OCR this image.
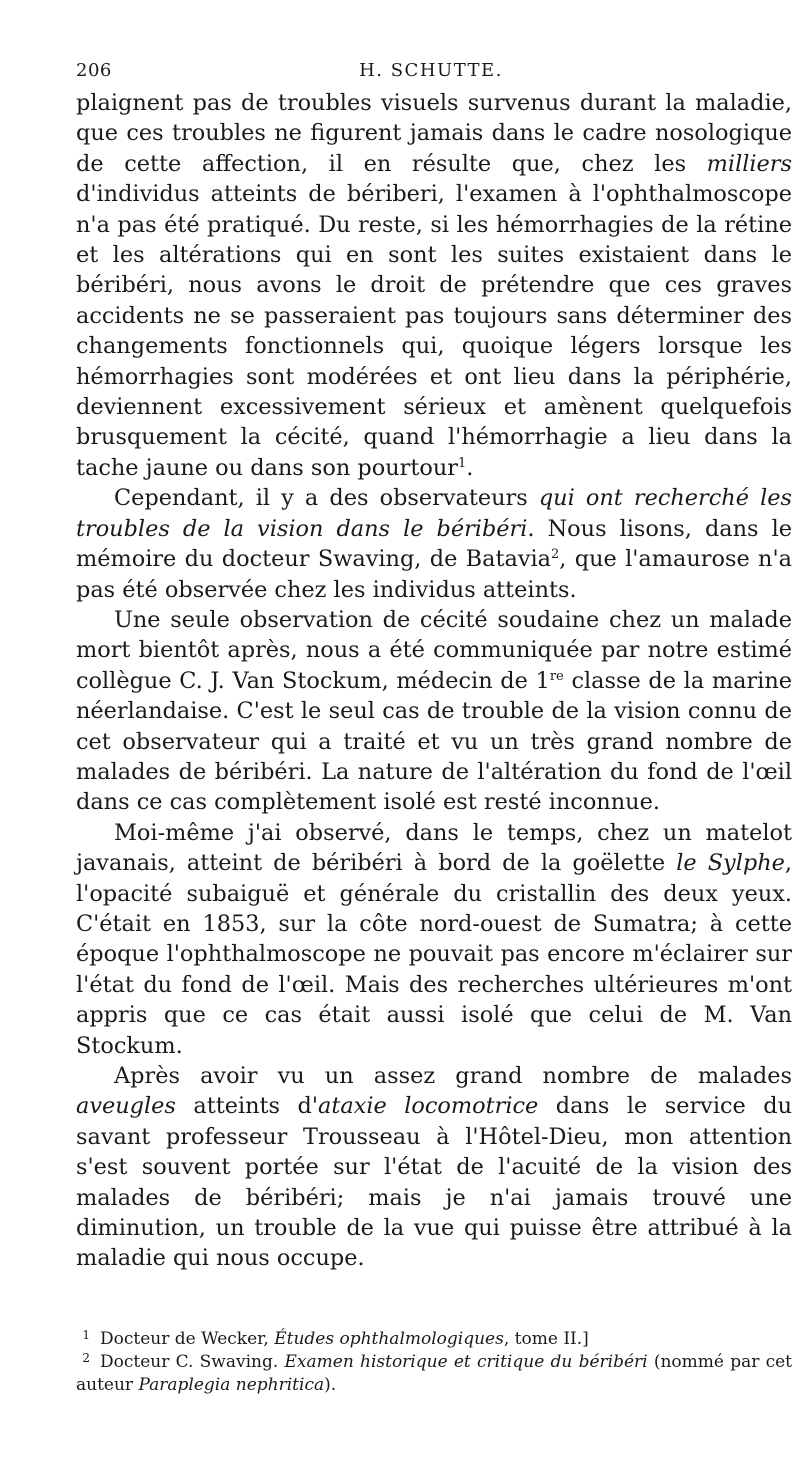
206	H. SCHUTTE.

plaignent pas de troubles visuels survenus durant la maladie, que ces troubles ne figurent jamais dans le cadre nosologique de cette affection, il en résulte que, chez les milliers d'individus atteints de bériberi, l'examen à l'ophthalmoscope n'a pas été pratiqué. Du reste, si les hémorrhagies de la rétine et les altérations qui en sont les suites existaient dans le béribéri, nous avons le droit de prétendre que ces graves accidents ne se passeraient pas toujours sans déterminer des changements fonctionnels qui, quoique légers lorsque les hémorrhagies sont modérées et ont lieu dans la périphérie, deviennent excessivement sérieux et amènent quelquefois brusquement la cécité, quand l'hémorrhagie a lieu dans la tache jaune ou dans son pourtour$^1$.

Cependant, il y a des observateurs qui ont recherché les troubles de la vision dans le béribéri. Nous lisons, dans le mémoire du docteur Swaving, de Batavia$^2$, que l'amaurose n'a pas été observée chez les individus atteints.

Une seule observation de cécité soudaine chez un malade mort bientôt après, nous a été communiquée par notre estimé collègue C. J. Van Stockum, médecin de 1re classe de la marine néerlandaise. C'est le seul cas de trouble de la vision connu de cet observateur qui a traité et vu un très grand nombre de malades de béribéri. La nature de l'altération du fond de l'œil dans ce cas complètement isolé est resté inconnue.

Moi-même j'ai observé, dans le temps, chez un matelot javanais, atteint de béribéri à bord de la goëlette le Sylphe, l'opacité subaiguë et générale du cristallin des deux yeux. C'était en 1853, sur la côte nord-ouest de Sumatra; à cette époque l'ophthalmoscope ne pouvait pas encore m'éclairer sur l'état du fond de l'œil. Mais des recherches ultérieures m'ont appris que ce cas était aussi isolé que celui de M. Van Stockum.

Après avoir vu un assez grand nombre de malades aveugles atteints d'ataxie locomotrice dans le service du savant professeur Trousseau à l'Hôtel-Dieu, mon attention s'est souvent portée sur l'état de l'acuité de la vision des malades de béribéri; mais je n'ai jamais trouvé une diminution, un trouble de la vue qui puisse être attribué à la maladie qui nous occupe.

1 Docteur de Wecker, Études ophthalmologiques, tome II.]

2 Docteur C. Swaving. Examen historique et critique du béribéri (nommé par cet auteur Paraplegia nephritica).
